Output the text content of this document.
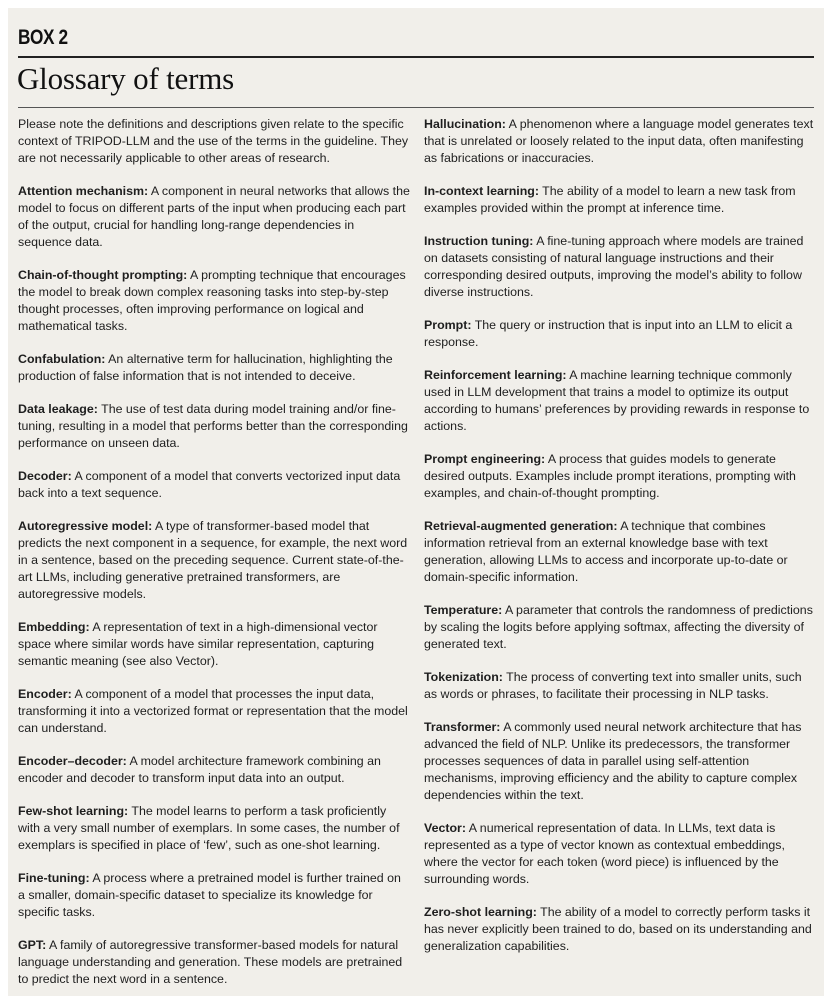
BOX 2
Glossary of terms

Please note the definitions and descriptions given relate to the specific context of TRIPOD-LLM and the use of the terms in the guideline. They are not necessarily applicable to other areas of research.

Attention mechanism: A component in neural networks that allows the model to focus on different parts of the input when producing each part of the output, crucial for handling long-range dependencies in sequence data.

Chain-of-thought prompting: A prompting technique that encourages the model to break down complex reasoning tasks into step-by-step thought processes, often improving performance on logical and mathematical tasks.

Confabulation: An alternative term for hallucination, highlighting the production of false information that is not intended to deceive.

Data leakage: The use of test data during model training and/or fine-tuning, resulting in a model that performs better than the corresponding performance on unseen data.

Decoder: A component of a model that converts vectorized input data back into a text sequence.

Autoregressive model: A type of transformer-based model that predicts the next component in a sequence, for example, the next word in a sentence, based on the preceding sequence. Current state-of-the-art LLMs, including generative pretrained transformers, are autoregressive models.

Embedding: A representation of text in a high-dimensional vector space where similar words have similar representation, capturing semantic meaning (see also Vector).

Encoder: A component of a model that processes the input data, transforming it into a vectorized format or representation that the model can understand.

Encoder–decoder: A model architecture framework combining an encoder and decoder to transform input data into an output.

Few-shot learning: The model learns to perform a task proficiently with a very small number of exemplars. In some cases, the number of exemplars is specified in place of ‘few’, such as one-shot learning.

Fine-tuning: A process where a pretrained model is further trained on a smaller, domain-specific dataset to specialize its knowledge for specific tasks.

GPT: A family of autoregressive transformer-based models for natural language understanding and generation. These models are pretrained to predict the next word in a sentence.

Hallucination: A phenomenon where a language model generates text that is unrelated or loosely related to the input data, often manifesting as fabrications or inaccuracies.

In-context learning: The ability of a model to learn a new task from examples provided within the prompt at inference time.

Instruction tuning: A fine-tuning approach where models are trained on datasets consisting of natural language instructions and their corresponding desired outputs, improving the model’s ability to follow diverse instructions.

Prompt: The query or instruction that is input into an LLM to elicit a response.

Reinforcement learning: A machine learning technique commonly used in LLM development that trains a model to optimize its output according to humans’ preferences by providing rewards in response to actions.

Prompt engineering: A process that guides models to generate desired outputs. Examples include prompt iterations, prompting with examples, and chain-of-thought prompting.

Retrieval-augmented generation: A technique that combines information retrieval from an external knowledge base with text generation, allowing LLMs to access and incorporate up-to-date or domain-specific information.

Temperature: A parameter that controls the randomness of predictions by scaling the logits before applying softmax, affecting the diversity of generated text.

Tokenization: The process of converting text into smaller units, such as words or phrases, to facilitate their processing in NLP tasks.

Transformer: A commonly used neural network architecture that has advanced the field of NLP. Unlike its predecessors, the transformer processes sequences of data in parallel using self-attention mechanisms, improving efficiency and the ability to capture complex dependencies within the text.

Vector: A numerical representation of data. In LLMs, text data is represented as a type of vector known as contextual embeddings, where the vector for each token (word piece) is influenced by the surrounding words.

Zero-shot learning: The ability of a model to correctly perform tasks it has never explicitly been trained to do, based on its understanding and generalization capabilities.
